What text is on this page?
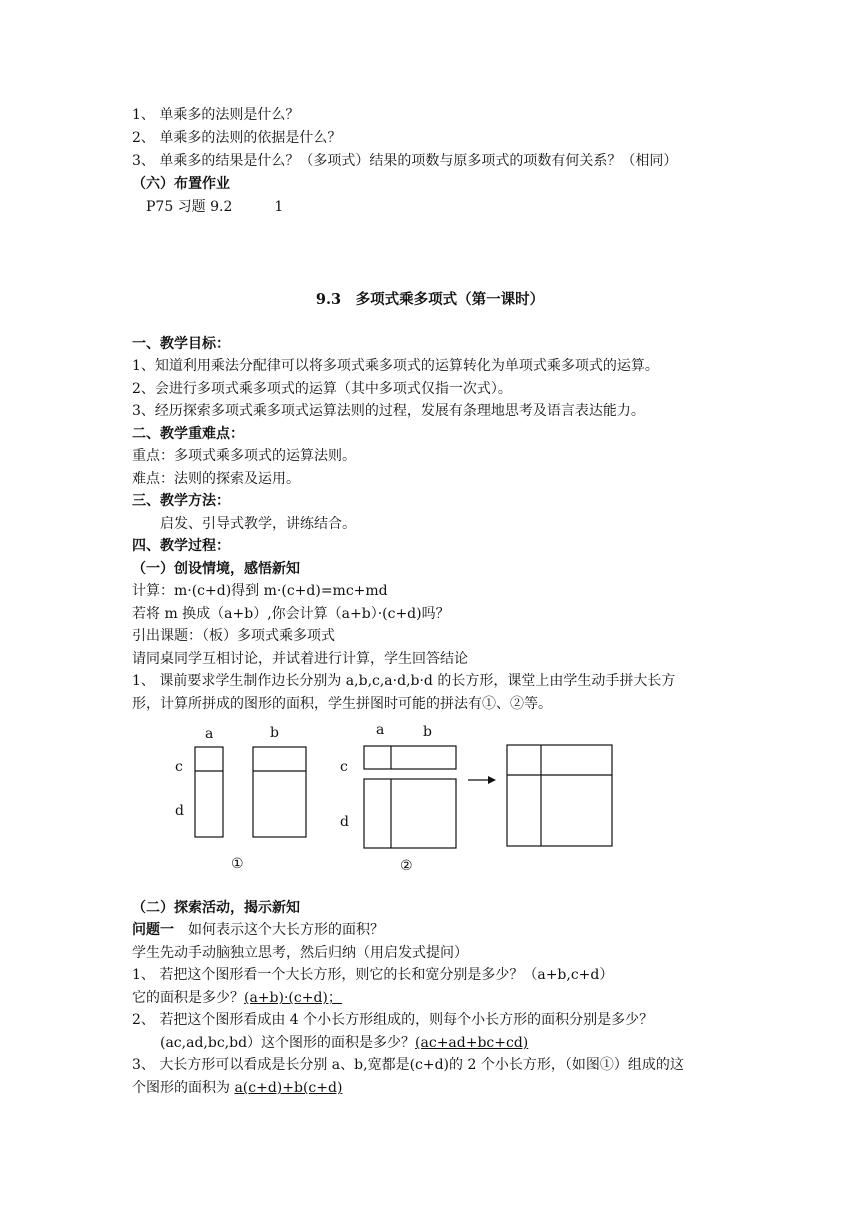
1、 单乘多的法则是什么？
2、 单乘多的法则的依据是什么？
3、 单乘多的结果是什么？（多项式）结果的项数与原多项式的项数有何关系？（相同）
（六）布置作业
P75 习题 9.2　　　1
9.3　多项式乘多项式（第一课时）
一、教学目标：
1、知道利用乘法分配律可以将多项式乘多项式的运算转化为单项式乘多项式的运算。
2、会进行多项式乘多项式的运算（其中多项式仅指一次式）。
3、经历探索多项式乘多项式运算法则的过程，发展有条理地思考及语言表达能力。
二、教学重难点：
重点：多项式乘多项式的运算法则。
难点：法则的探索及运用。
三、教学方法：
启发、引导式教学，讲练结合。
四、教学过程：
（一）创设情境，感悟新知
计算：m·(c+d)得到 m·(c+d)=mc+md
若将 m 换成（a+b）,你会计算（a+b）·(c+d)吗？
引出课题：（板）多项式乘多项式
请同桌同学互相讨论，并试着进行计算，学生回答结论
1、 课前要求学生制作边长分别为 a,b,c,a·d,b·d 的长方形，课堂上由学生动手拼大长方
形，计算所拼成的图形的面积，学生拼图时可能的拼法有①、②等。
a	b
c
d
①
a	b
c
d
②
（二）探索活动，揭示新知
问题一　如何表示这个大长方形的面积？
学生先动手动脑独立思考，然后归纳（用启发式提问）
1、 若把这个图形看一个大长方形，则它的长和宽分别是多少？（a+b,c+d）
它的面积是多少？(a+b)·(c+d)；
2、 若把这个图形看成由 4 个小长方形组成的，则每个小长方形的面积分别是多少？
　(ac,ad,bc,bd）这个图形的面积是多少？(ac+ad+bc+cd)
3、 大长方形可以看成是长分别 a、b,宽都是(c+d)的 2 个小长方形，（如图①）组成的这
个图形的面积为 a(c+d)+b(c+d)
